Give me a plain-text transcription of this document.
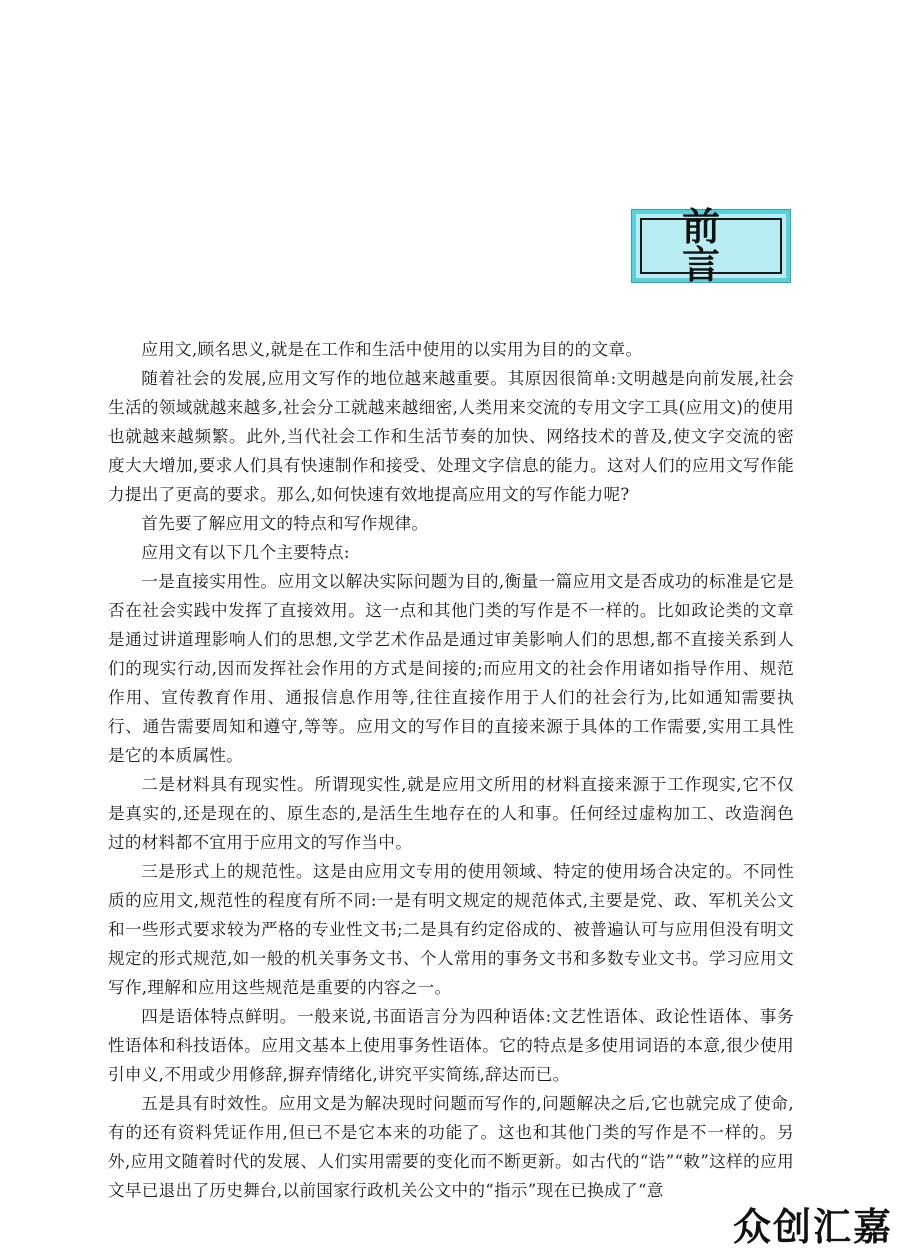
前 言

应用文,顾名思义,就是在工作和生活中使用的以实用为目的的文章。

随着社会的发展,应用文写作的地位越来越重要。其原因很简单:文明越是向前发展,社会生活的领域就越来越多,社会分工就越来越细密,人类用来交流的专用文字工具(应用文)的使用也就越来越频繁。此外,当代社会工作和生活节奏的加快、网络技术的普及,使文字交流的密度大大增加,要求人们具有快速制作和接受、处理文字信息的能力。这对人们的应用文写作能力提出了更高的要求。那么,如何快速有效地提高应用文的写作能力呢?

首先要了解应用文的特点和写作规律。

应用文有以下几个主要特点:

一是直接实用性。应用文以解决实际问题为目的,衡量一篇应用文是否成功的标准是它是否在社会实践中发挥了直接效用。这一点和其他门类的写作是不一样的。比如政论类的文章是通过讲道理影响人们的思想,文学艺术作品是通过审美影响人们的思想,都不直接关系到人们的现实行动,因而发挥社会作用的方式是间接的;而应用文的社会作用诸如指导作用、规范作用、宣传教育作用、通报信息作用等,往往直接作用于人们的社会行为,比如通知需要执行、通告需要周知和遵守,等等。应用文的写作目的直接来源于具体的工作需要,实用工具性是它的本质属性。

二是材料具有现实性。所谓现实性,就是应用文所用的材料直接来源于工作现实,它不仅是真实的,还是现在的、原生态的,是活生生地存在的人和事。任何经过虚构加工、改造润色过的材料都不宜用于应用文的写作当中。

三是形式上的规范性。这是由应用文专用的使用领域、特定的使用场合决定的。不同性质的应用文,规范性的程度有所不同:一是有明文规定的规范体式,主要是党、政、军机关公文和一些形式要求较为严格的专业性文书;二是具有约定俗成的、被普遍认可与应用但没有明文规定的形式规范,如一般的机关事务文书、个人常用的事务文书和多数专业文书。学习应用文写作,理解和应用这些规范是重要的内容之一。

四是语体特点鲜明。一般来说,书面语言分为四种语体:文艺性语体、政论性语体、事务性语体和科技语体。应用文基本上使用事务性语体。它的特点是多使用词语的本意,很少使用引申义,不用或少用修辞,摒弃情绪化,讲究平实简练,辞达而已。

五是具有时效性。应用文是为解决现时问题而写作的,问题解决之后,它也就完成了使命,有的还有资料凭证作用,但已不是它本来的功能了。这也和其他门类的写作是不一样的。另外,应用文随着时代的发展、人们实用需要的变化而不断更新。如古代的“诰”“敕”这样的应用文早已退出了历史舞台,以前国家行政机关公文中的“指示”现在已换成了“意

众创汇嘉
